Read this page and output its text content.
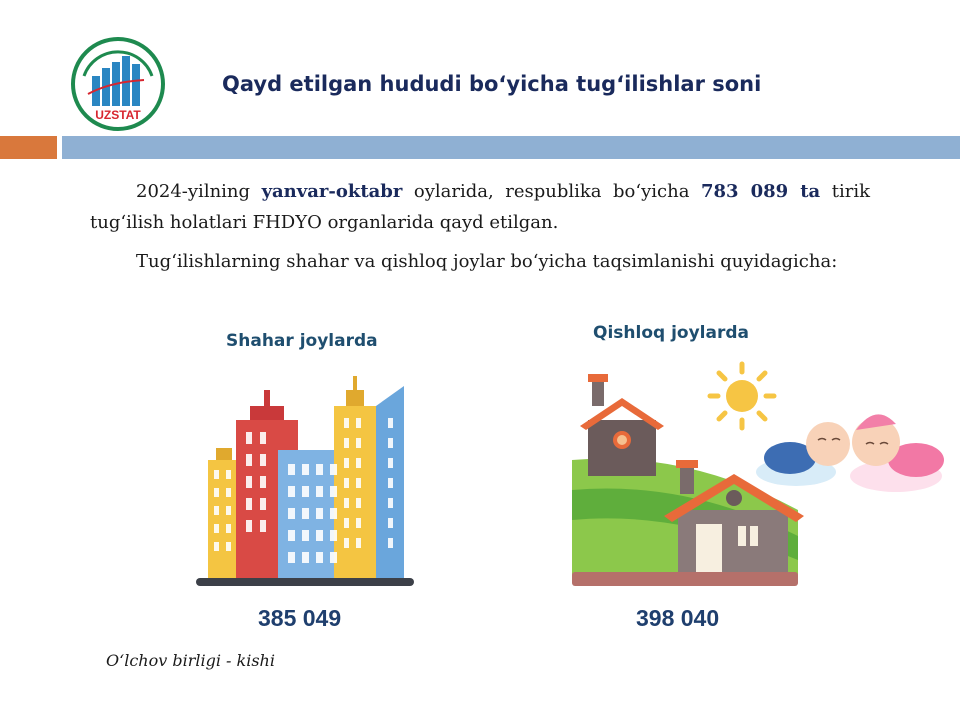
UZSTAT
Qayd etilgan hududi bo‘yicha tug‘ilishlar soni

2024-yilning yanvar-oktabr oylarida, respublika bo‘yicha 783 089 ta tirik tug‘ilish holatlari FHDYO organlarida qayd etilgan.

Tug‘ilishlarning shahar va qishloq joylar bo‘yicha taqsimlanishi quyidagicha:

Shahar joylarda	Qishloq joylarda
385 049	398 040
O‘lchov birligi - kishi
